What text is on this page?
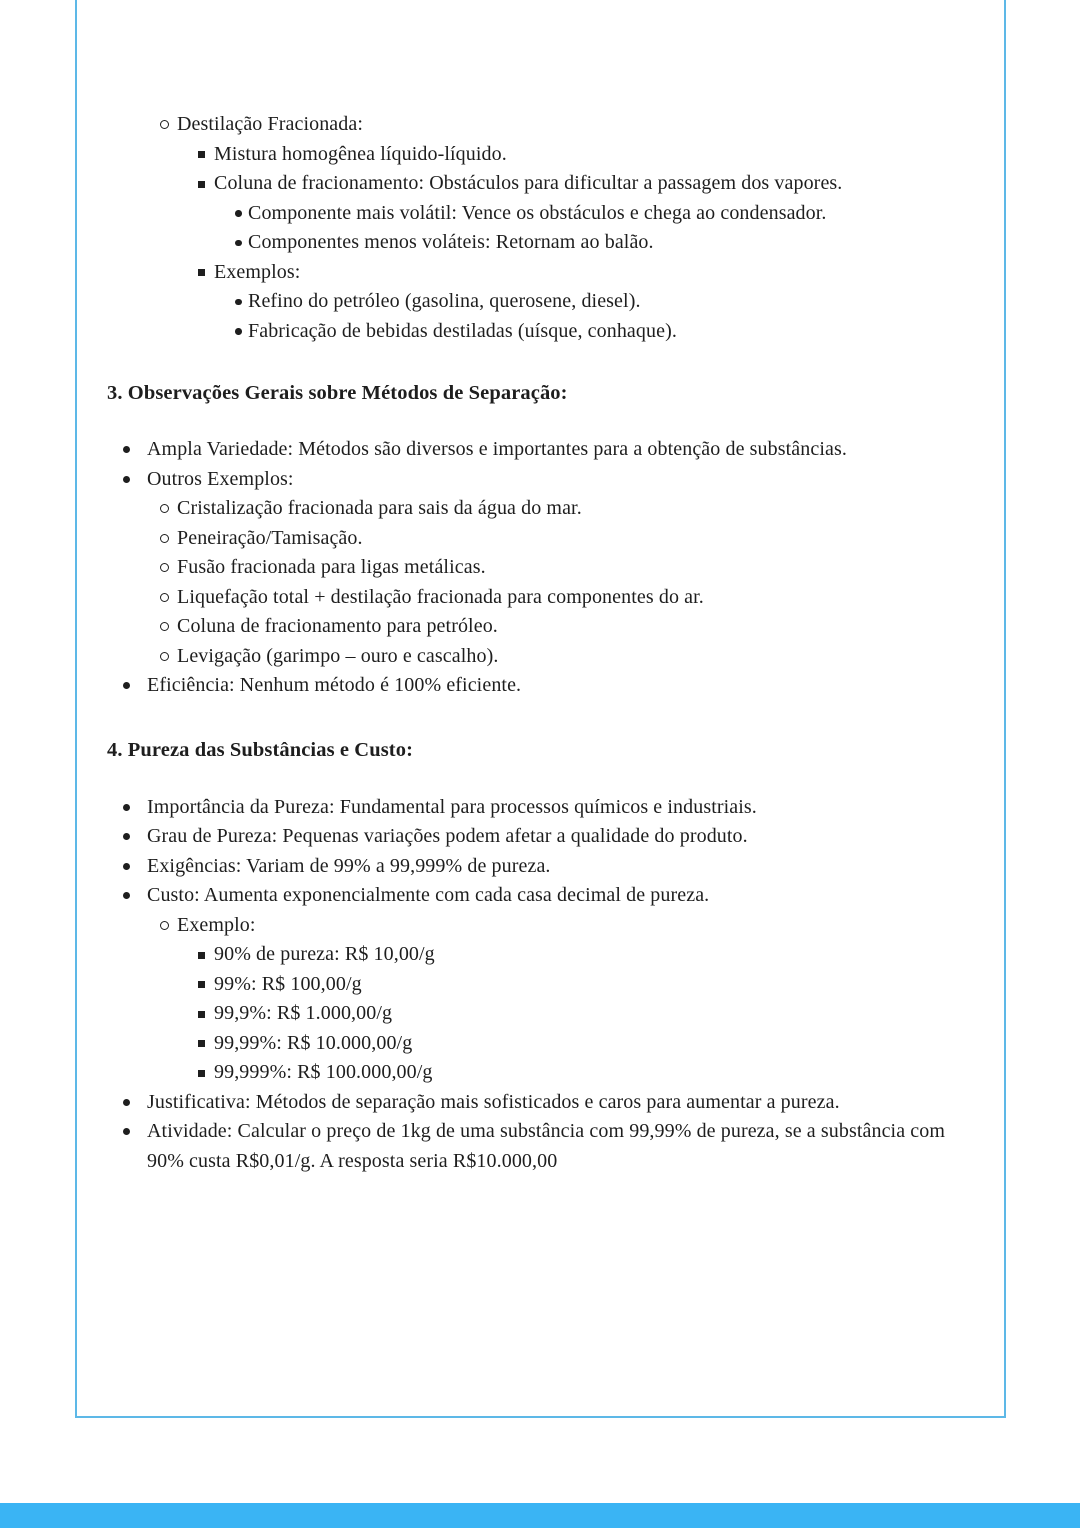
Destilação Fracionada:
Mistura homogênea líquido-líquido.
Coluna de fracionamento: Obstáculos para dificultar a passagem dos vapores.
Componente mais volátil: Vence os obstáculos e chega ao condensador.
Componentes menos voláteis: Retornam ao balão.
Exemplos:
Refino do petróleo (gasolina, querosene, diesel).
Fabricação de bebidas destiladas (uísque, conhaque).
3. Observações Gerais sobre Métodos de Separação:
Ampla Variedade: Métodos são diversos e importantes para a obtenção de substâncias.
Outros Exemplos:
Cristalização fracionada para sais da água do mar.
Peneiração/Tamisação.
Fusão fracionada para ligas metálicas.
Liquefação total + destilação fracionada para componentes do ar.
Coluna de fracionamento para petróleo.
Levigação (garimpo – ouro e cascalho).
Eficiência: Nenhum método é 100% eficiente.
4. Pureza das Substâncias e Custo:
Importância da Pureza: Fundamental para processos químicos e industriais.
Grau de Pureza: Pequenas variações podem afetar a qualidade do produto.
Exigências: Variam de 99% a 99,999% de pureza.
Custo: Aumenta exponencialmente com cada casa decimal de pureza.
Exemplo:
90% de pureza: R$ 10,00/g
99%: R$ 100,00/g
99,9%: R$ 1.000,00/g
99,99%: R$ 10.000,00/g
99,999%: R$ 100.000,00/g
Justificativa: Métodos de separação mais sofisticados e caros para aumentar a pureza.
Atividade: Calcular o preço de 1kg de uma substância com 99,99% de pureza, se a substância com 90% custa R$0,01/g. A resposta seria R$10.000,00
